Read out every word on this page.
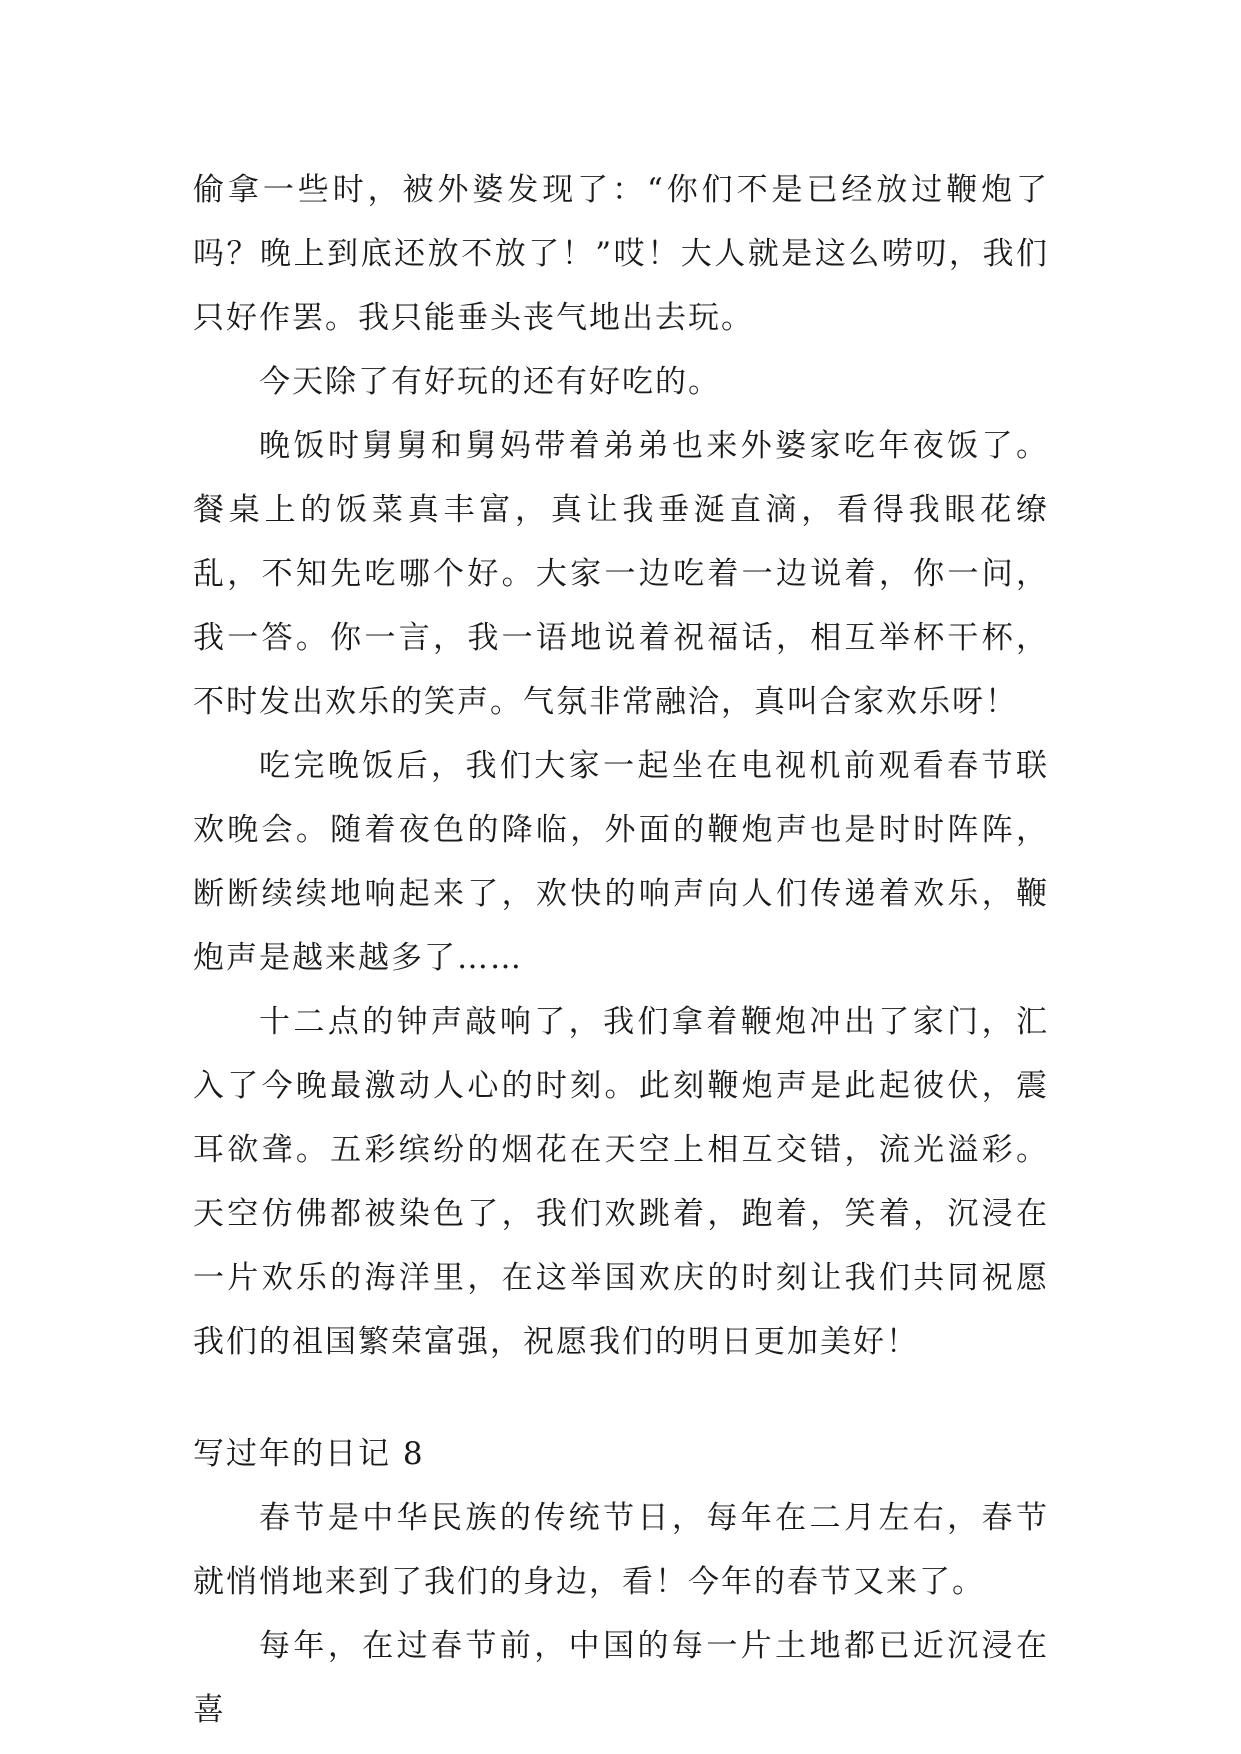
偷拿一些时，被外婆发现了：“你们不是已经放过鞭炮了吗？晚上到底还放不放了！”哎！大人就是这么唠叨，我们只好作罢。我只能垂头丧气地出去玩。

今天除了有好玩的还有好吃的。

晚饭时舅舅和舅妈带着弟弟也来外婆家吃年夜饭了。餐桌上的饭菜真丰富，真让我垂涎直滴，看得我眼花缭乱，不知先吃哪个好。大家一边吃着一边说着，你一问，我一答。你一言，我一语地说着祝福话，相互举杯干杯，不时发出欢乐的笑声。气氛非常融洽，真叫合家欢乐呀！

吃完晚饭后，我们大家一起坐在电视机前观看春节联欢晚会。随着夜色的降临，外面的鞭炮声也是时时阵阵，断断续续地响起来了，欢快的响声向人们传递着欢乐，鞭炮声是越来越多了……

十二点的钟声敲响了，我们拿着鞭炮冲出了家门，汇入了今晚最激动人心的时刻。此刻鞭炮声是此起彼伏，震耳欲聋。五彩缤纷的烟花在天空上相互交错，流光溢彩。天空仿佛都被染色了，我们欢跳着，跑着，笑着，沉浸在一片欢乐的海洋里，在这举国欢庆的时刻让我们共同祝愿我们的祖国繁荣富强，祝愿我们的明日更加美好！

写过年的日记 8

春节是中华民族的传统节日，每年在二月左右，春节就悄悄地来到了我们的身边，看！今年的春节又来了。

每年，在过春节前，中国的每一片土地都已近沉浸在喜
